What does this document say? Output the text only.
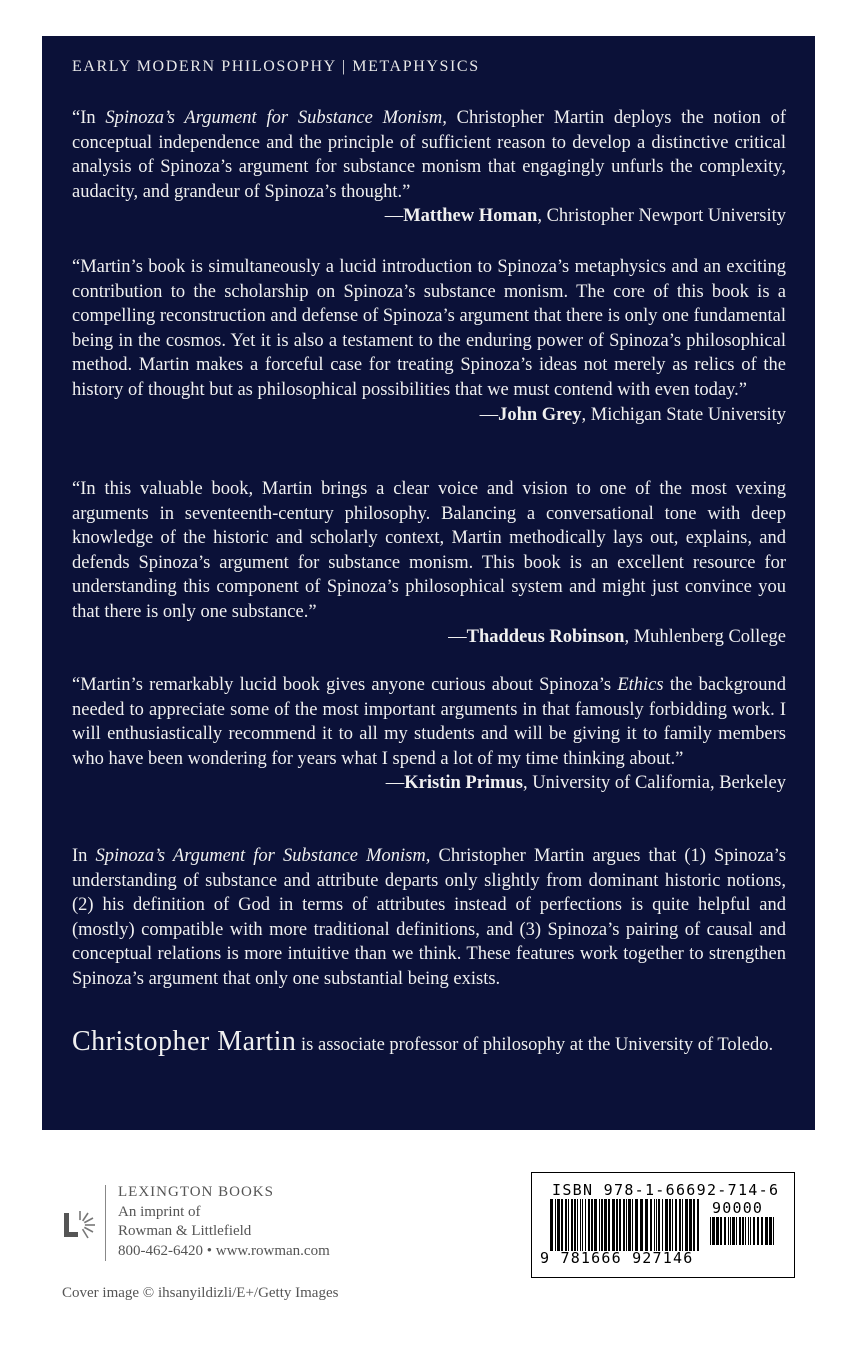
EARLY MODERN PHILOSOPHY | METAPHYSICS
“In Spinoza’s Argument for Substance Monism, Christopher Martin deploys the notion of conceptual independence and the principle of sufficient reason to develop a distinctive critical analysis of Spinoza’s argument for substance monism that engagingly unfurls the complexity, audacity, and grandeur of Spinoza’s thought.”
—Matthew Homan, Christopher Newport University
“Martin’s book is simultaneously a lucid introduction to Spinoza’s metaphysics and an exciting contribution to the scholarship on Spinoza’s substance monism. The core of this book is a compelling reconstruction and defense of Spinoza’s argument that there is only one fundamental being in the cosmos. Yet it is also a testament to the enduring power of Spinoza’s philosophical method. Martin makes a forceful case for treating Spinoza’s ideas not merely as relics of the history of thought but as philosophical possibilities that we must contend with even today.”
—John Grey, Michigan State University
“In this valuable book, Martin brings a clear voice and vision to one of the most vexing arguments in seventeenth-century philosophy. Balancing a conversational tone with deep knowledge of the historic and scholarly context, Martin methodically lays out, explains, and defends Spinoza’s argument for substance monism. This book is an excellent resource for understanding this component of Spinoza’s philosophical system and might just convince you that there is only one substance.”
—Thaddeus Robinson, Muhlenberg College
“Martin’s remarkably lucid book gives anyone curious about Spinoza’s Ethics the background needed to appreciate some of the most important arguments in that famously forbidding work. I will enthusiastically recommend it to all my students and will be giving it to family members who have been wondering for years what I spend a lot of my time thinking about.”
—Kristin Primus, University of California, Berkeley
In Spinoza’s Argument for Substance Monism, Christopher Martin argues that (1) Spinoza’s understanding of substance and attribute departs only slightly from dominant historic notions, (2) his definition of God in terms of attributes instead of perfections is quite helpful and (mostly) compatible with more traditional definitions, and (3) Spinoza’s pairing of causal and conceptual relations is more intuitive than we think. These features work together to strengthen Spinoza’s argument that only one substantial being exists.
Christopher Martin is associate professor of philosophy at the University of Toledo.
LEXINGTON BOOKS
An imprint of
Rowman & Littlefield
800-462-6420 • www.rowman.com
ISBN 978-1-66692-714-6
90000
9 781666 927146
Cover image © ihsanyildizli/E+/Getty Images
